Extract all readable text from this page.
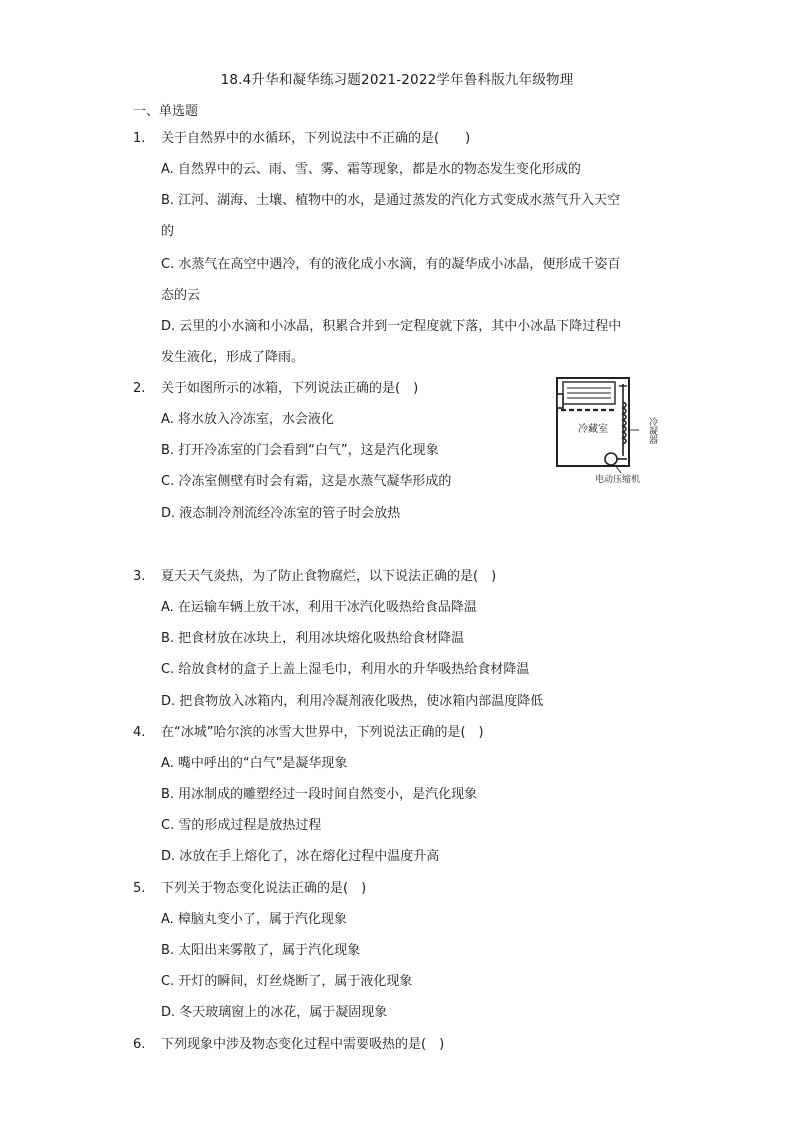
18.4升华和凝华练习题2021-2022学年鲁科版九年级物理
一、单选题
1.	关于自然界中的水循环，下列说法中不正确的是(　　)
A. 自然界中的云、雨、雪、雾、霜等现象，都是水的物态发生变化形成的
B. 江河、湖海、土壤、植物中的水，是通过蒸发的汽化方式变成水蒸气升入天空
的
C. 水蒸气在高空中遇冷，有的液化成小水滴，有的凝华成小冰晶，便形成千姿百
态的云
D. 云里的小水滴和小冰晶，积累合并到一定程度就下落，其中小冰晶下降过程中
发生液化，形成了降雨。
2.	关于如图所示的冰箱，下列说法正确的是(　)
A. 将水放入冷冻室，水会液化
B. 打开冷冻室的门会看到“白气”，这是汽化现象
C. 冷冻室侧壁有时会有霜，这是水蒸气凝华形成的
D. 液态制冷剂流经冷冻室的管子时会放热
冷藏室	冷凝器
电动压缩机
3.	夏天天气炎热，为了防止食物腐烂，以下说法正确的是(　)
A. 在运输车辆上放干冰，利用干冰汽化吸热给食品降温
B. 把食材放在冰块上，利用冰块熔化吸热给食材降温
C. 给放食材的盒子上盖上湿毛巾，利用水的升华吸热给食材降温
D. 把食物放入冰箱内，利用冷凝剂液化吸热，使冰箱内部温度降低
4.	在“冰城”哈尔滨的冰雪大世界中，下列说法正确的是(　)
A. 嘴中呼出的“白气”是凝华现象
B. 用冰制成的雕塑经过一段时间自然变小，是汽化现象
C. 雪的形成过程是放热过程
D. 冰放在手上熔化了，冰在熔化过程中温度升高
5.	下列关于物态变化说法正确的是(　)
A. 樟脑丸变小了，属于汽化现象
B. 太阳出来雾散了，属于汽化现象
C. 开灯的瞬间，灯丝烧断了，属于液化现象
D. 冬天玻璃窗上的冰花，属于凝固现象
6.	下列现象中涉及物态变化过程中需要吸热的是(　)
